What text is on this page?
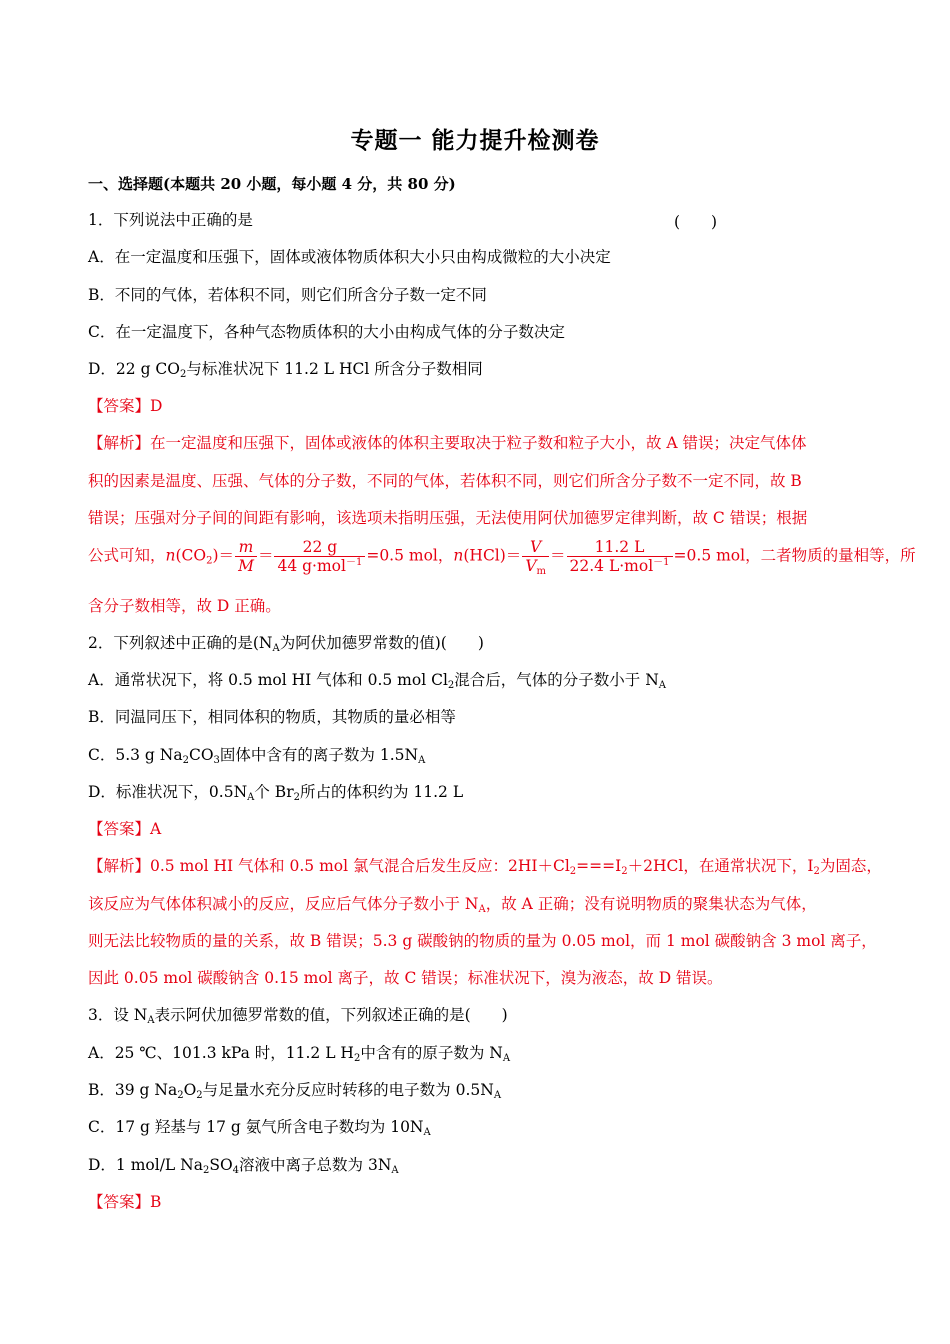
专题一 能力提升检测卷
一、选择题(本题共 20 小题，每小题 4 分，共 80 分)
1．下列说法中正确的是	(　　)
A．在一定温度和压强下，固体或液体物质体积大小只由构成微粒的大小决定
B．不同的气体，若体积不同，则它们所含分子数一定不同
C．在一定温度下，各种气态物质体积的大小由构成气体的分子数决定
D．22 g $CO_2$与标准状况下 11.2 L HCl 所含分子数相同
【答案】D
【解析】在一定温度和压强下，固体或液体的体积主要取决于粒子数和粒子大小，故 A 错误；决定气体体
积的因素是温度、压强、气体的分子数，不同的气体，若体积不同，则它们所含分子数不一定不同，故 B
错误；压强对分子间的间距有影响，该选项未指明压强，无法使用阿伏加德罗定律判断，故 C 错误；根据
公式可知，$n(CO_2)= \frac{m}{M} = \frac{22 g}{44 g\cdot mol^{-1}} =0.5$ mol，$n(HCl)= \frac{V}{V_m} = \frac{11.2 L}{22.4 L\cdot mol^{-1}} =0.5$ mol，二者物质的量相等，所
含分子数相等，故 D 正确。
2．下列叙述中正确的是($N_A$为阿伏加德罗常数的值)(　　)
A．通常状况下，将 0.5 mol HI 气体和 0.5 mol $Cl_2$混合后，气体的分子数小于 $N_A$
B．同温同压下，相同体积的物质，其物质的量必相等
C．5.3 g $Na_2CO_3$固体中含有的离子数为 $1.5N_A$
D．标准状况下，$0.5N_A$个 $Br_2$所占的体积约为 11.2 L
【答案】A
【解析】0.5 mol HI 气体和 0.5 mol 氯气混合后发生反应：$2HI+Cl_2===I_2+2HCl$，在通常状况下，$I_2$为固态，
该反应为气体体积减小的反应，反应后气体分子数小于 $N_A$，故 A 正确；没有说明物质的聚集状态为气体，
则无法比较物质的量的关系，故 B 错误；5.3 g 碳酸钠的物质的量为 0.05 mol，而 1 mol 碳酸钠含 3 mol 离子，
因此 0.05 mol 碳酸钠含 0.15 mol 离子，故 C 错误；标准状况下，溴为液态，故 D 错误。
3．设 $N_A$表示阿伏加德罗常数的值，下列叙述正确的是(　　)
A．25 ℃、101.3 kPa 时，11.2 L $H_2$中含有的原子数为 $N_A$
B．39 g $Na_2O_2$与足量水充分反应时转移的电子数为 $0.5N_A$
C．17 g 羟基与 17 g 氨气所含电子数均为 $10N_A$
D．1 mol/L $Na_2SO_4$溶液中离子总数为 $3N_A$
【答案】B
